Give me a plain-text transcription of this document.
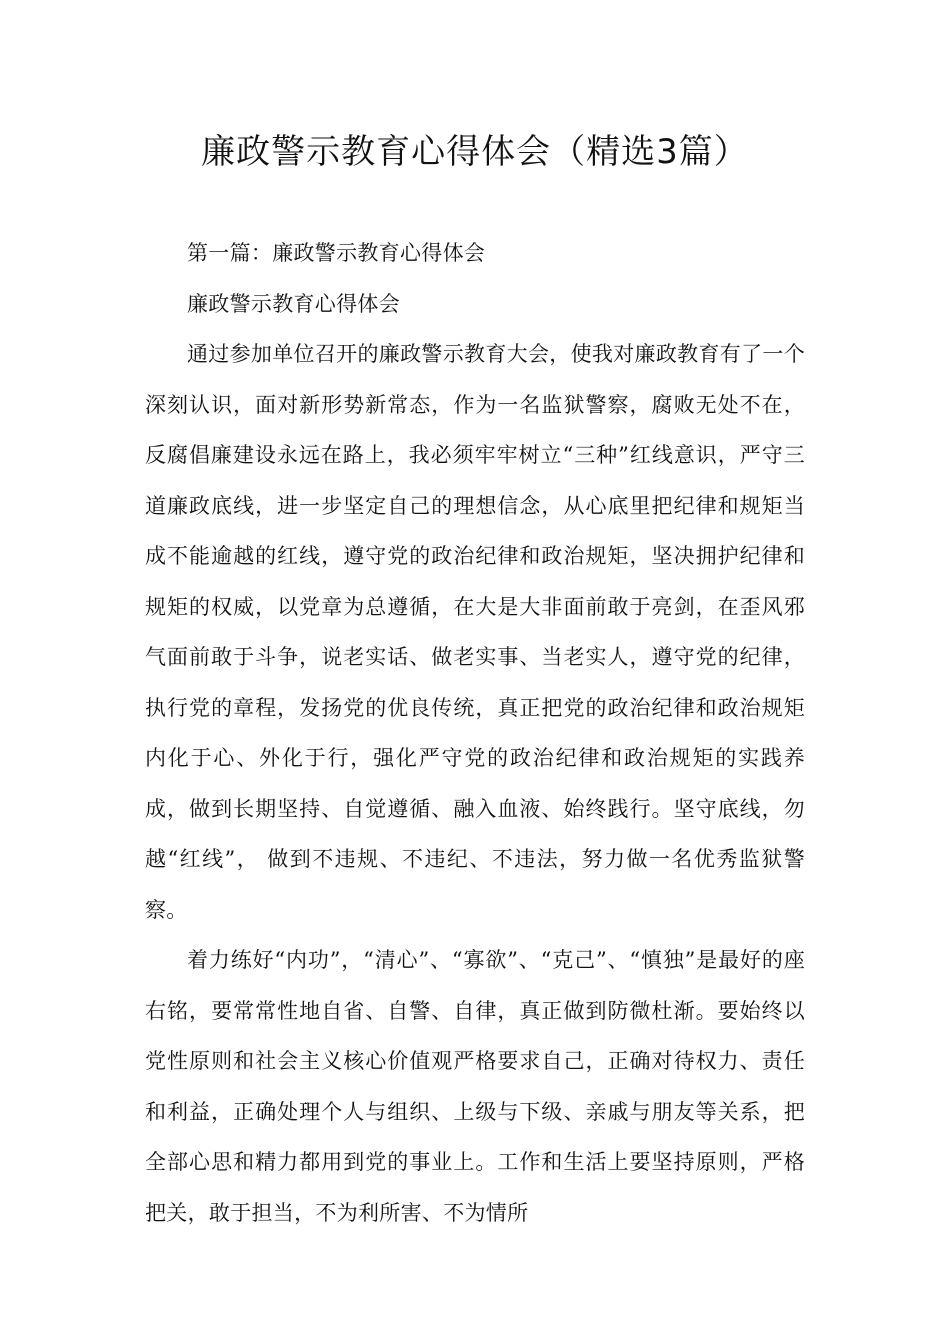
廉政警示教育心得体会（精选3篇）

第一篇：廉政警示教育心得体会

廉政警示教育心得体会

通过参加单位召开的廉政警示教育大会，使我对廉政教育有了一个深刻认识，面对新形势新常态，作为一名监狱警察，腐败无处不在，反腐倡廉建设永远在路上，我必须牢牢树立“三种”红线意识，严守三道廉政底线，进一步坚定自己的理想信念，从心底里把纪律和规矩当成不能逾越的红线，遵守党的政治纪律和政治规矩，坚决拥护纪律和规矩的权威，以党章为总遵循，在大是大非面前敢于亮剑，在歪风邪气面前敢于斗争，说老实话、做老实事、当老实人，遵守党的纪律，执行党的章程，发扬党的优良传统，真正把党的政治纪律和政治规矩内化于心、外化于行，强化严守党的政治纪律和政治规矩的实践养成，做到长期坚持、自觉遵循、融入血液、始终践行。坚守底线，勿越“红线”， 做到不违规、不违纪、不违法，努力做一名优秀监狱警察。

着力练好“内功”，“清心”、“寡欲”、“克己”、“慎独”是最好的座右铭，要常常性地自省、自警、自律，真正做到防微杜渐。要始终以党性原则和社会主义核心价值观严格要求自己，正确对待权力、责任和利益，正确处理个人与组织、上级与下级、亲戚与朋友等关系，把全部心思和精力都用到党的事业上。工作和生活上要坚持原则，严格把关，敢于担当，不为利所害、不为情所
